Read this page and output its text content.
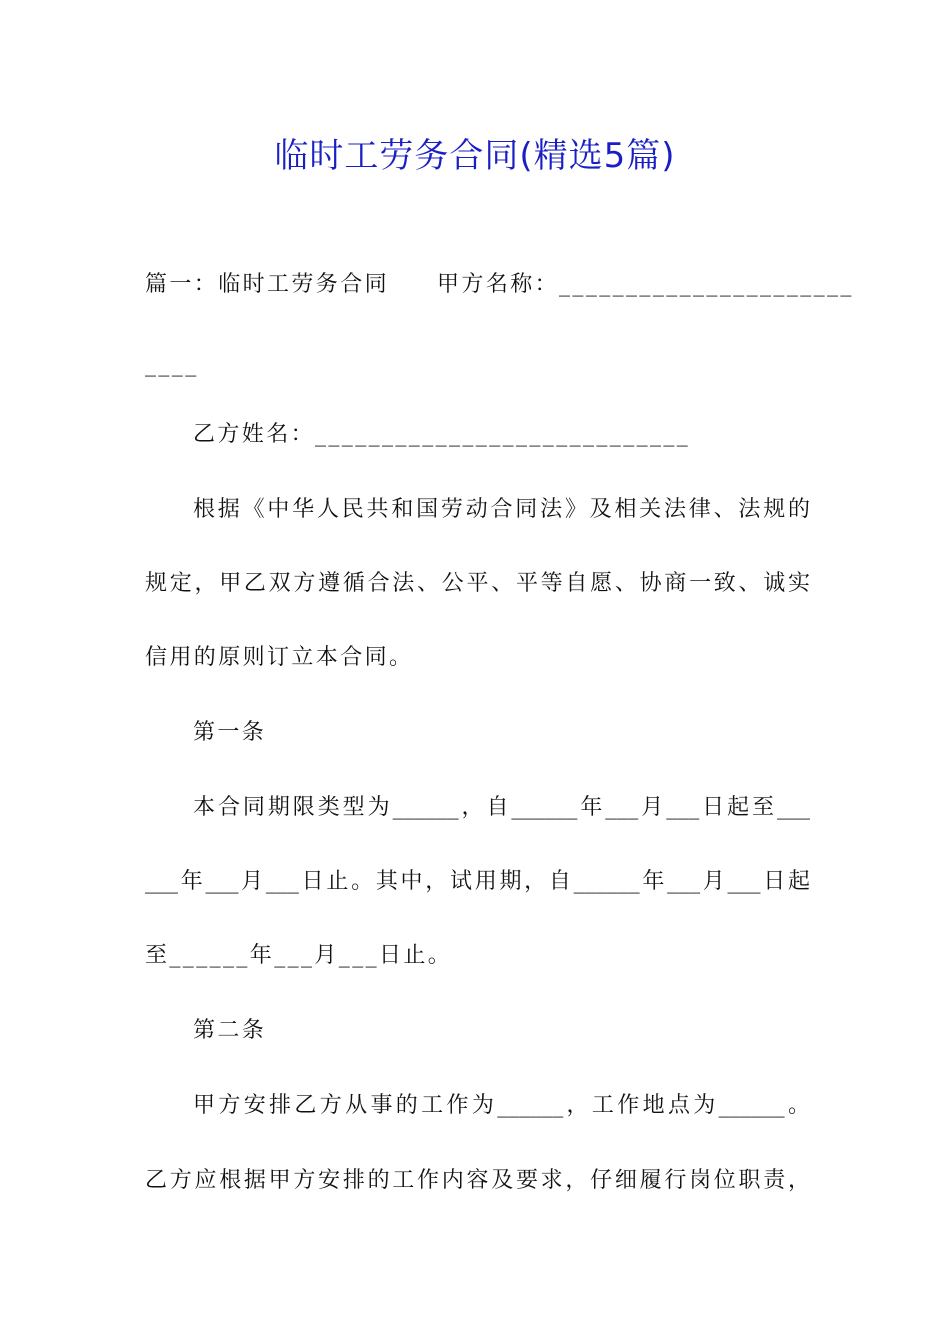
临时工劳务合同(精选5篇)
篇一：临时工劳务合同 甲方名称：______________________
____
乙方姓名：____________________________
根据《中华人民共和国劳动合同法》及相关法律、法规的
规定，甲乙双方遵循合法、公平、平等自愿、协商一致、诚实
信用的原则订立本合同。
第一条
本合同期限类型为______，自______年___月___日起至___
___年___月___日止。其中，试用期，自______年___月___日起
至______年___月___日止。
第二条
甲方安排乙方从事的工作为______，工作地点为______。
乙方应根据甲方安排的工作内容及要求，仔细履行岗位职责，
